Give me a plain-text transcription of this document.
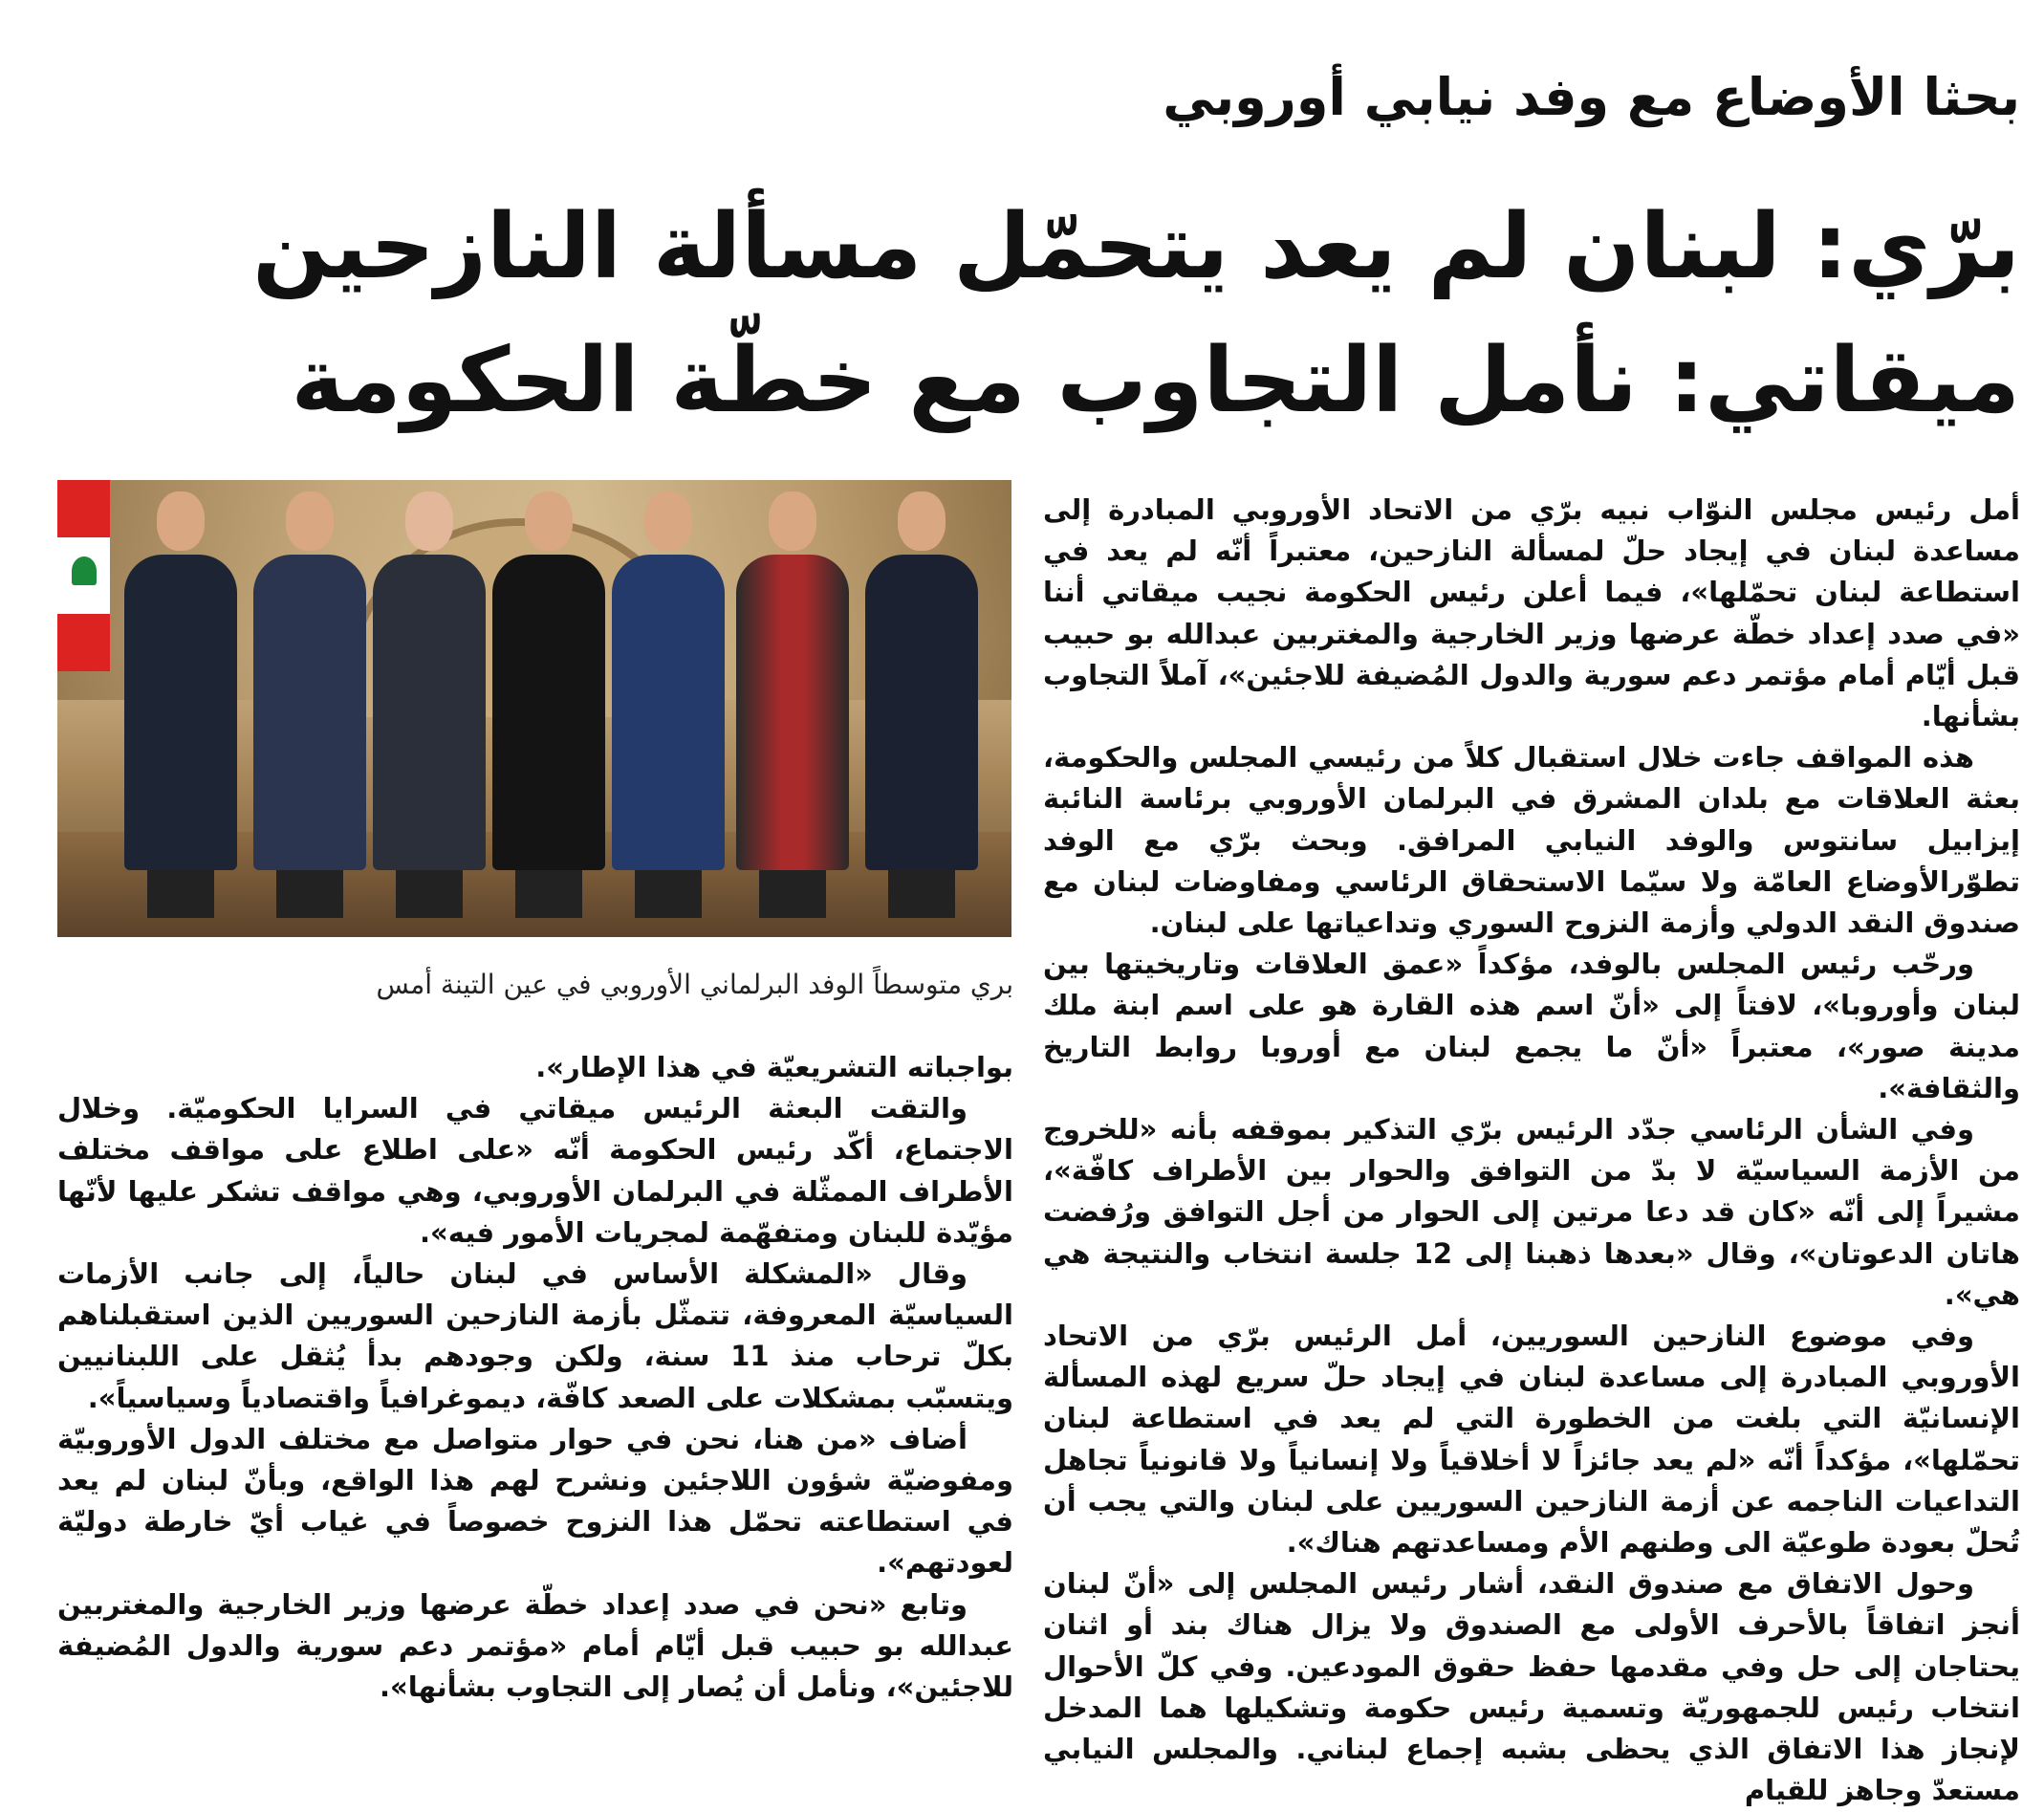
بحثا الأوضاع مع وفد نيابي أوروبي
برّي: لبنان لم يعد يتحمّل مسألة النازحين
ميقاتي: نأمل التجاوب مع خطّة الحكومة

أمل رئيس مجلس النوّاب نبيه برّي من الاتحاد الأوروبي المبادرة إلى مساعدة لبنان في إيجاد حلّ لمسألة النازحين، معتبراً أنّه لم يعد في استطاعة لبنان تحمّلها»، فيما أعلن رئيس الحكومة نجيب ميقاتي أننا «في صدد إعداد خطّة عرضها وزير الخارجية والمغتربين عبدالله بو حبيب قبل أيّام أمام مؤتمر دعم سورية والدول المُضيفة للاجئين»، آملاً التجاوب بشأنها.

هذه المواقف جاءت خلال استقبال كلاً من رئيسي المجلس والحكومة، بعثة العلاقات مع بلدان المشرق في البرلمان الأوروبي برئاسة النائبة إيزابيل سانتوس والوفد النيابي المرافق. وبحث برّي مع الوفد تطوّرالأوضاع العامّة ولا سيّما الاستحقاق الرئاسي ومفاوضات لبنان مع صندوق النقد الدولي وأزمة النزوح السوري وتداعياتها على لبنان.

ورحّب رئيس المجلس بالوفد، مؤكداً «عمق العلاقات وتاريخيتها بين لبنان وأوروبا»، لافتاً إلى «أنّ اسم هذه القارة هو على اسم ابنة ملك مدينة صور»، معتبراً «أنّ ما يجمع لبنان مع أوروبا روابط التاريخ والثقافة».

وفي الشأن الرئاسي جدّد الرئيس برّي التذكير بموقفه بأنه «للخروج من الأزمة السياسيّة لا بدّ من التوافق والحوار بين الأطراف كافّة»، مشيراً إلى أنّه «كان قد دعا مرتين إلى الحوار من أجل التوافق ورُفضت هاتان الدعوتان»، وقال «بعدها ذهبنا إلى 12 جلسة انتخاب والنتيجة هي هي».

وفي موضوع النازحين السوريين، أمل الرئيس برّي من الاتحاد الأوروبي المبادرة إلى مساعدة لبنان في إيجاد حلّ سريع لهذه المسألة الإنسانيّة التي بلغت من الخطورة التي لم يعد في استطاعة لبنان تحمّلها»، مؤكداً أنّه «لم يعد جائزاً لا أخلاقياً ولا إنسانياً ولا قانونياً تجاهل التداعيات الناجمه عن أزمة النازحين السوريين على لبنان والتي يجب أن تُحلّ بعودة طوعيّة الى وطنهم الأم ومساعدتهم هناك».

وحول الاتفاق مع صندوق النقد، أشار رئيس المجلس إلى «أنّ لبنان أنجز اتفاقاً بالأحرف الأولى مع الصندوق ولا يزال هناك بند أو اثنان يحتاجان إلى حل وفي مقدمها حفظ حقوق المودعين. وفي كلّ الأحوال انتخاب رئيس للجمهوريّة وتسمية رئيس حكومة وتشكيلها هما المدخل لإنجاز هذا الاتفاق الذي يحظى بشبه إجماع لبناني. والمجلس النيابي مستعدّ وجاهز للقيام

بري متوسطاً الوفد البرلماني الأوروبي في عين التينة أمس

بواجباته التشريعيّة في هذا الإطار».

والتقت البعثة الرئيس ميقاتي في السرايا الحكوميّة. وخلال الاجتماع، أكّد رئيس الحكومة أنّه «على اطلاع على مواقف مختلف الأطراف الممثّلة في البرلمان الأوروبي، وهي مواقف تشكر عليها لأنّها مؤيّدة للبنان ومتفهّمة لمجريات الأمور فيه».

وقال «المشكلة الأساس في لبنان حالياً، إلى جانب الأزمات السياسيّة المعروفة، تتمثّل بأزمة النازحين السوريين الذين استقبلناهم بكلّ ترحاب منذ 11 سنة، ولكن وجودهم بدأ يُثقل على اللبنانيين ويتسبّب بمشكلات على الصعد كافّة، ديموغرافياً واقتصادياً وسياسياً».

أضاف «من هنا، نحن في حوار متواصل مع مختلف الدول الأوروبيّة ومفوضيّة شؤون اللاجئين ونشرح لهم هذا الواقع، وبأنّ لبنان لم يعد في استطاعته تحمّل هذا النزوح خصوصاً في غياب أيّ خارطة دوليّة لعودتهم».

وتابع «نحن في صدد إعداد خطّة عرضها وزير الخارجية والمغتربين عبدالله بو حبيب قبل أيّام أمام «مؤتمر دعم سورية والدول المُضيفة للاجئين»، ونأمل أن يُصار إلى التجاوب بشأنها».
